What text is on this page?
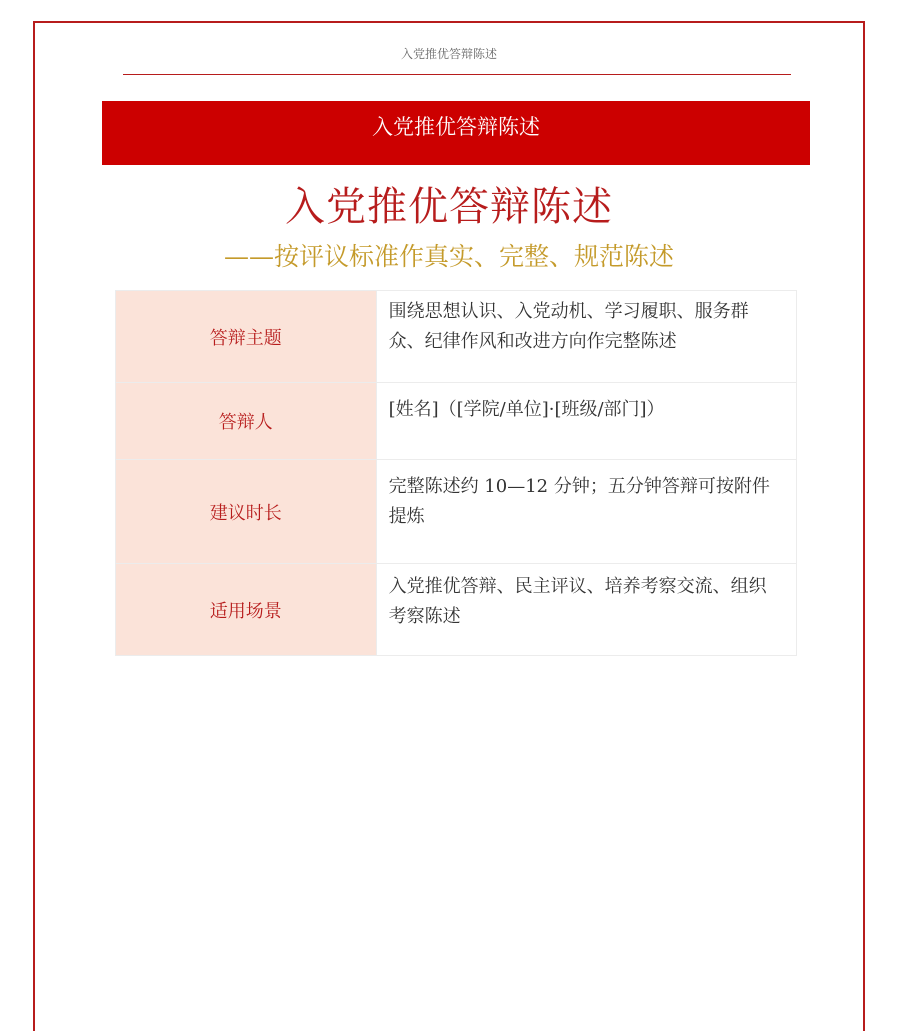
入党推优答辩陈述
入党推优答辩陈述
入党推优答辩陈述
——按评议标准作真实、完整、规范陈述
答辩主题	围绕思想认识、入党动机、学习履职、服务群众、纪律作风和改进方向作完整陈述
答辩人	[姓名]（[学院/单位]·[班级/部门]）
建议时长	完整陈述约 10—12 分钟；五分钟答辩可按附件提炼
适用场景	入党推优答辩、民主评议、培养考察交流、组织考察陈述
